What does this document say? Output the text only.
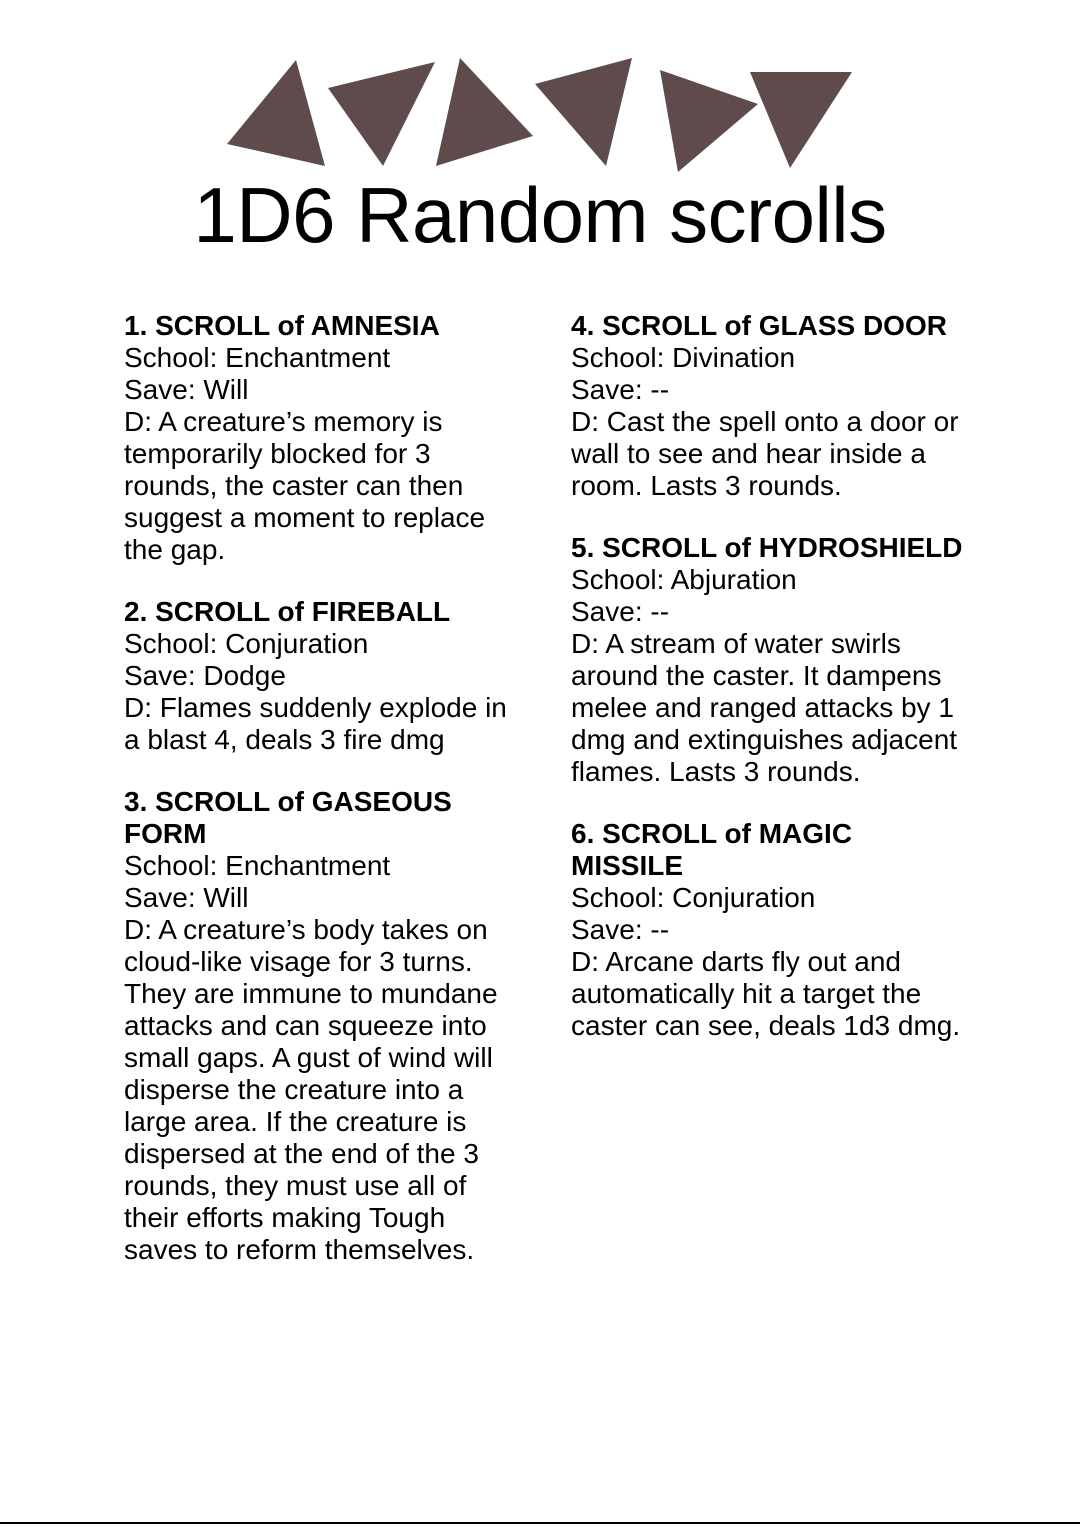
1D6 Random scrolls
1. SCROLL of AMNESIA
School: Enchantment
Save: Will
D: A creature’s memory is temporarily blocked for 3 rounds, the caster can then suggest a moment to replace the gap.
2. SCROLL of FIREBALL
School: Conjuration
Save: Dodge
D: Flames suddenly explode in a blast 4, deals 3 fire dmg
3. SCROLL of GASEOUS FORM
School: Enchantment
Save: Will
D: A creature’s body takes on cloud-like visage for 3 turns. They are immune to mundane attacks and can squeeze into small gaps. A gust of wind will disperse the creature into a large area. If the creature is dispersed at the end of the 3 rounds, they must use all of their efforts making Tough saves to reform themselves.
4. SCROLL of GLASS DOOR
School: Divination
Save: --
D: Cast the spell onto a door or wall to see and hear inside a room. Lasts 3 rounds.
5. SCROLL of HYDROSHIELD
School: Abjuration
Save: --
D: A stream of water swirls around the caster. It dampens melee and ranged attacks by 1 dmg and extinguishes adjacent flames. Lasts 3 rounds.
6. SCROLL of MAGIC MISSILE
School: Conjuration
Save: --
D: Arcane darts fly out and automatically hit a target the caster can see, deals 1d3 dmg.
